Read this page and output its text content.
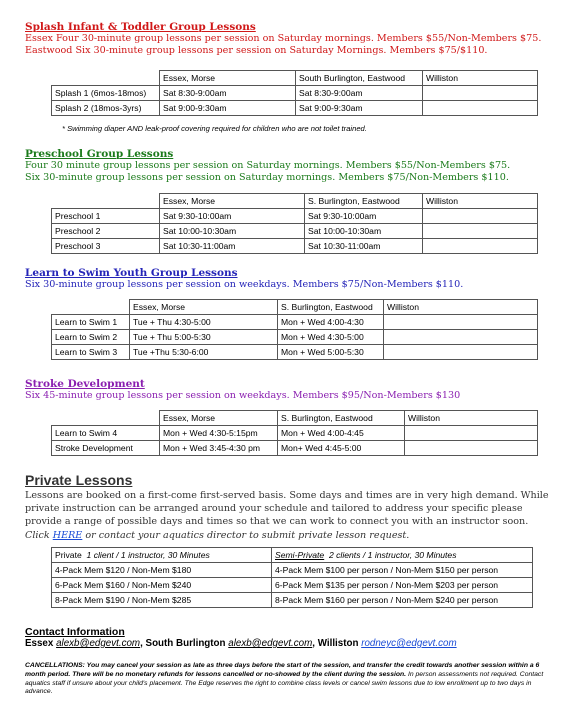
Splash Infant & Toddler Group Lessons
Essex Four 30-minute group lessons per session on Saturday mornings. Members $55/Non-Members $75.
Eastwood Six 30-minute group lessons per session on Saturday Mornings. Members $75/$110.
	Essex, Morse	South Burlington, Eastwood	Williston
Splash 1 (6mos-18mos)	Sat 8:30-9:00am	Sat 8:30-9:00am	
Splash 2 (18mos-3yrs)	Sat 9:00-9:30am	Sat 9:00-9:30am	
* Swimming diaper AND leak-proof covering required for children who are not toilet trained.
Preschool Group Lessons
Four 30 minute group lessons per session on Saturday mornings. Members $55/Non-Members $75.
Six 30-minute group lessons per session on Saturday mornings. Members $75/Non-Members $110.
	Essex, Morse	S. Burlington, Eastwood	Williston
Preschool 1	Sat 9:30-10:00am	Sat 9:30-10:00am	
Preschool 2	Sat 10:00-10:30am	Sat 10:00-10:30am	
Preschool 3	Sat 10:30-11:00am	Sat 10:30-11:00am	
Learn to Swim Youth Group Lessons
Six 30-minute group lessons per session on weekdays. Members $75/Non-Members $110.
	Essex, Morse	S. Burlington, Eastwood	Williston
Learn to Swim 1	Tue + Thu 4:30-5:00	Mon + Wed 4:00-4:30	
Learn to Swim 2	Tue + Thu 5:00-5:30	Mon + Wed 4:30-5:00	
Learn to Swim 3	Tue +Thu 5:30-6:00	Mon + Wed 5:00-5:30	
Stroke Development
Six 45-minute group lessons per session on weekdays. Members $95/Non-Members $130
	Essex, Morse	S. Burlington, Eastwood	Williston
Learn to Swim 4	Mon + Wed 4:30-5:15pm	Mon + Wed 4:00-4:45	
Stroke Development	Mon + Wed 3:45-4:30 pm	Mon+ Wed 4:45-5:00	
Private Lessons
Lessons are booked on a first-come first-served basis. Some days and times are in very high demand. While
private instruction can be arranged around your schedule and tailored to address your specific please
provide a range of possible days and times so that we can work to connect you with an instructor soon.
Click HERE or contact your aquatics director to submit private lesson request.
Private 1 client / 1 instructor, 30 Minutes	Semi-Private 2 clients / 1 instructor, 30 Minutes
4-Pack Mem $120 / Non-Mem $180	4-Pack Mem $100 per person / Non-Mem $150 per person
6-Pack Mem $160 / Non-Mem $240	6-Pack Mem $135 per person / Non-Mem $203 per person
8-Pack Mem $190 / Non-Mem $285	8-Pack Mem $160 per person / Non-Mem $240 per person
Contact Information
Essex alexb@edgevt.com, South Burlington alexb@edgevt.com, Williston rodneyc@edgevt.com
CANCELLATIONS: You may cancel your session as late as three days before the start of the session, and transfer the credit towards another session within a 6 month period. There will be no monetary refunds for lessons cancelled or no-showed by the client during the session. In person assessments not required. Contact aquatics staff if unsure about your child's placement. The Edge reserves the right to combine class levels or cancel swim lessons due to low enrollment up to two days in advance.
